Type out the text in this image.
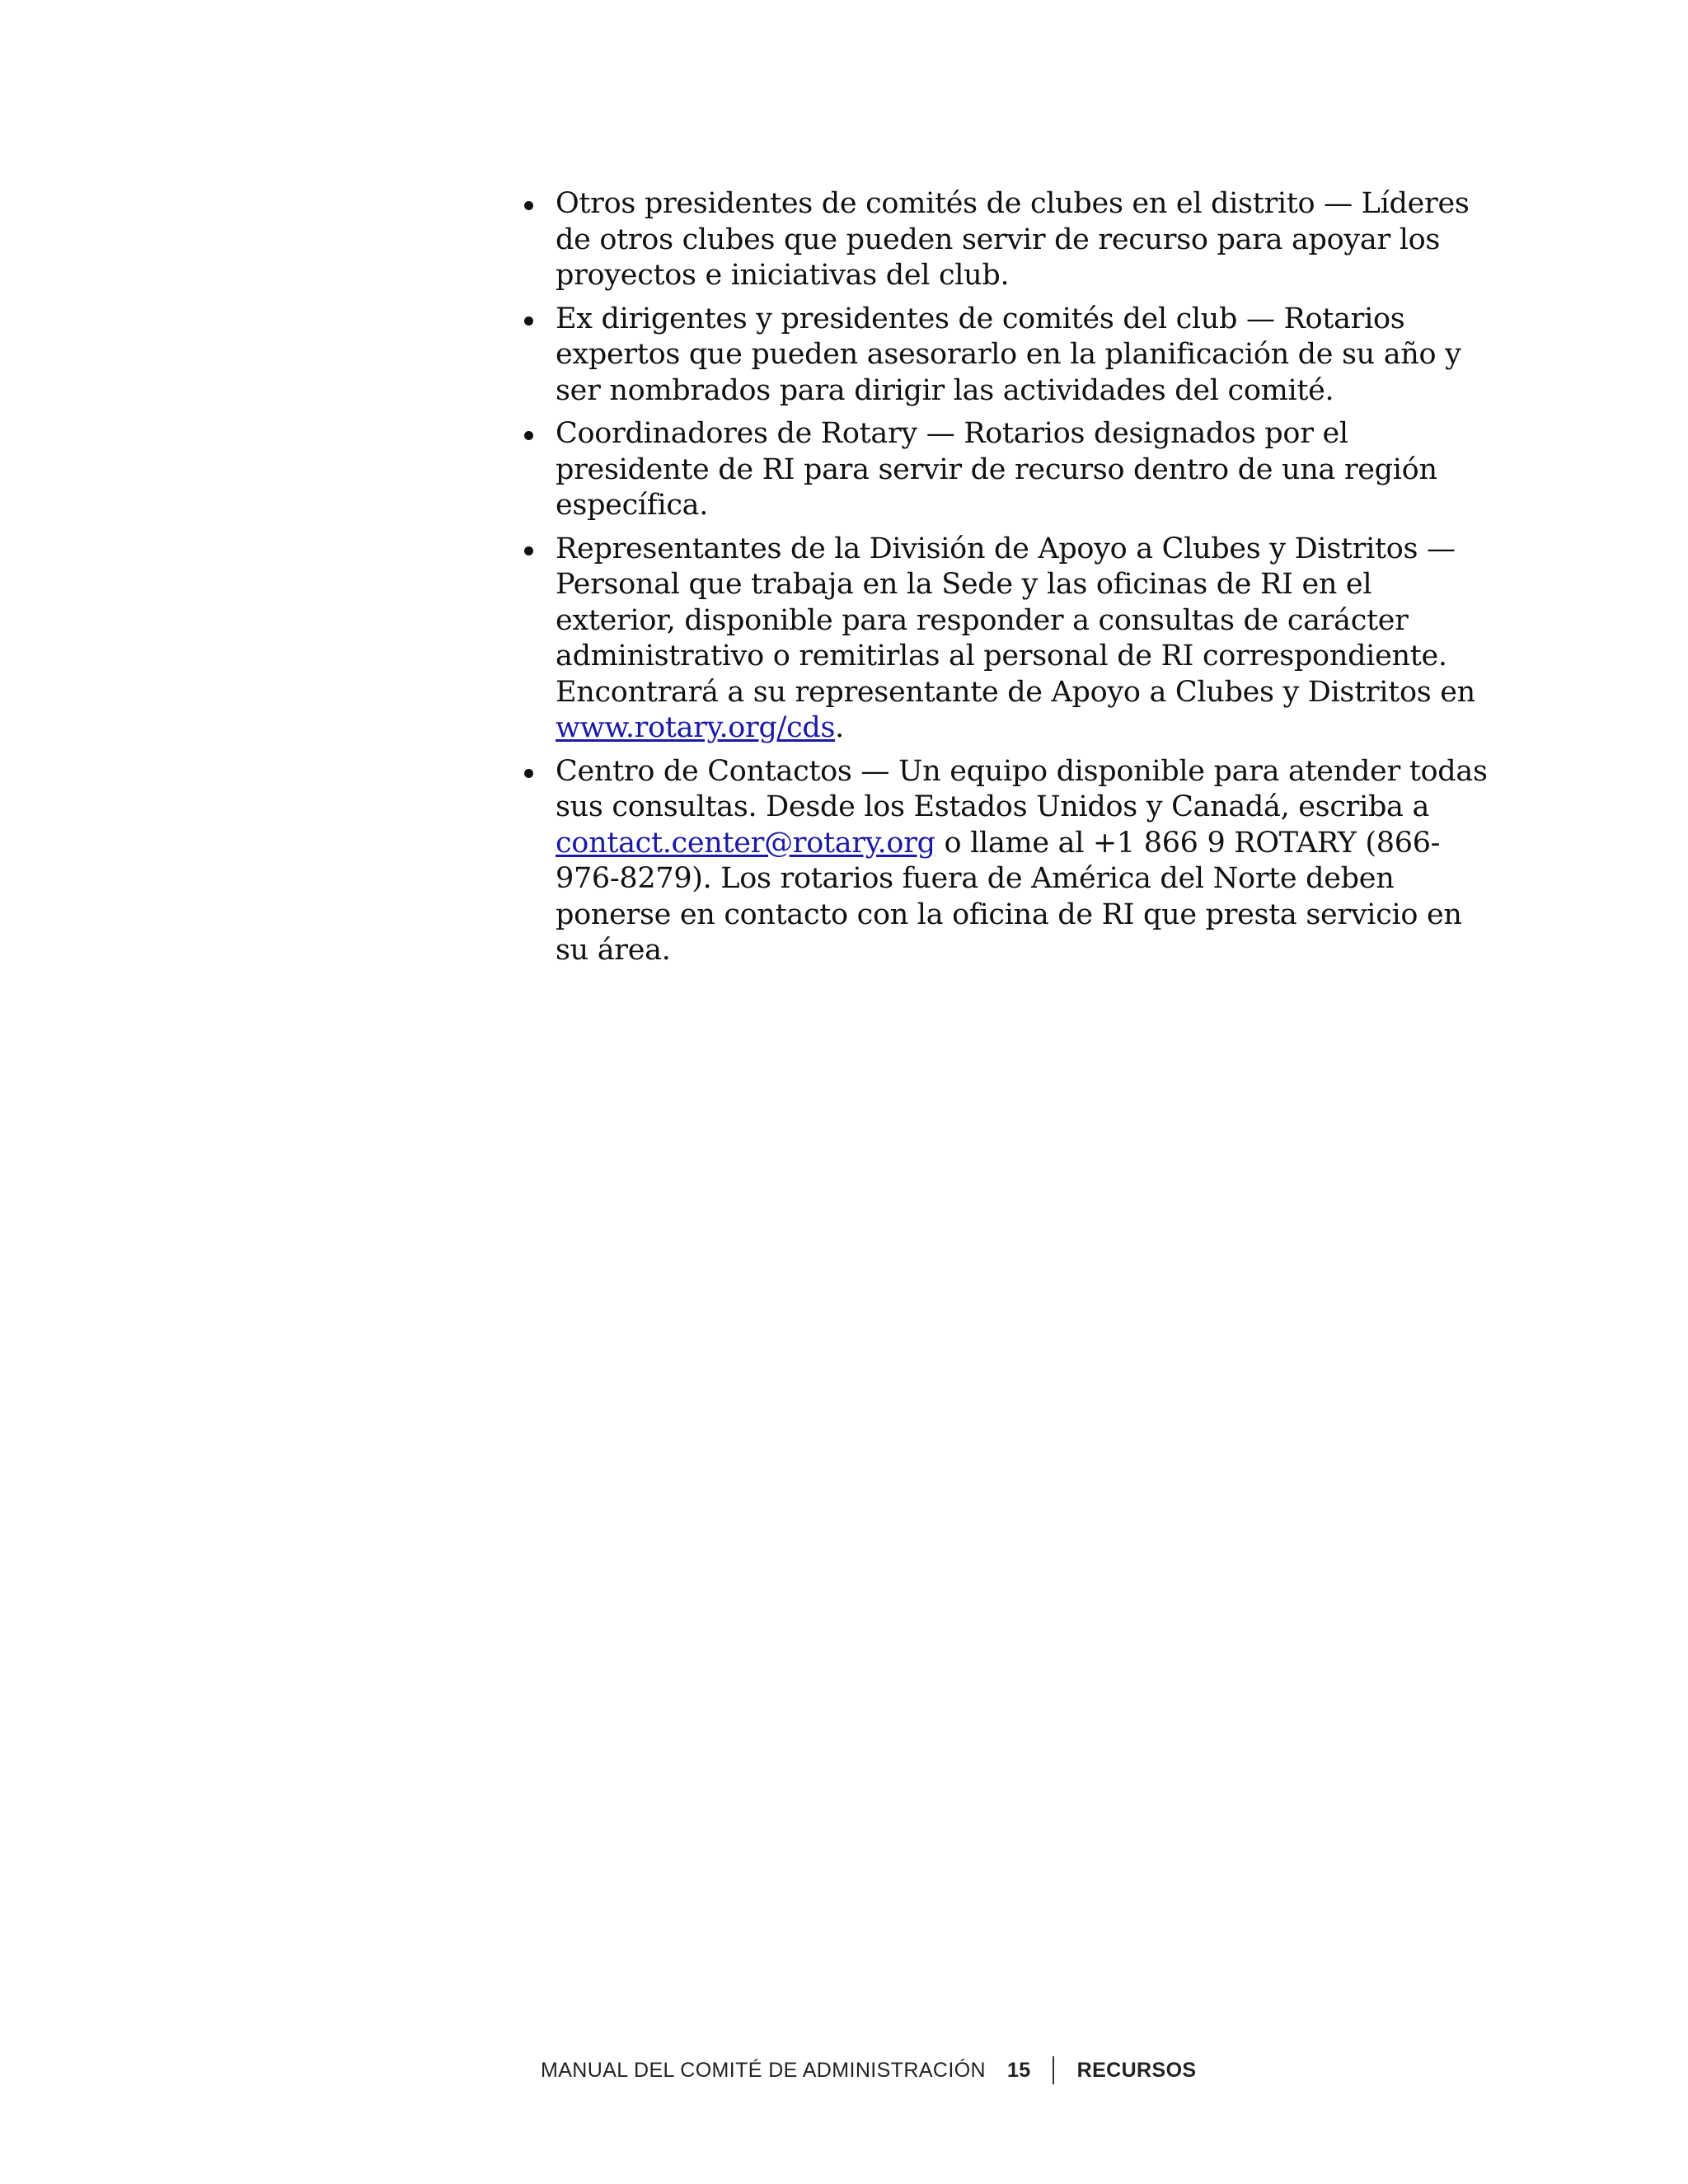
Otros presidentes de comités de clubes en el distrito — Líderes de otros clubes que pueden servir de recurso para apoyar los proyectos e iniciativas del club.
Ex dirigentes y presidentes de comités del club — Rotarios expertos que pueden asesorarlo en la planificación de su año y ser nombrados para dirigir las actividades del comité.
Coordinadores de Rotary — Rotarios designados por el presidente de RI para servir de recurso dentro de una región específica.
Representantes de la División de Apoyo a Clubes y Distritos — Personal que trabaja en la Sede y las oficinas de RI en el exterior, disponible para responder a consultas de carácter administrativo o remitirlas al personal de RI correspondiente. Encontrará a su representante de Apoyo a Clubes y Distritos en www.rotary.org/cds.
Centro de Contactos — Un equipo disponible para atender todas sus consultas. Desde los Estados Unidos y Canadá, escriba a contact.center@rotary.org o llame al +1 866 9 ROTARY (866-976-8279). Los rotarios fuera de América del Norte deben ponerse en contacto con la oficina de RI que presta servicio en su área.
MANUAL DEL COMITÉ DE ADMINISTRACIÓN 15 RECURSOS
